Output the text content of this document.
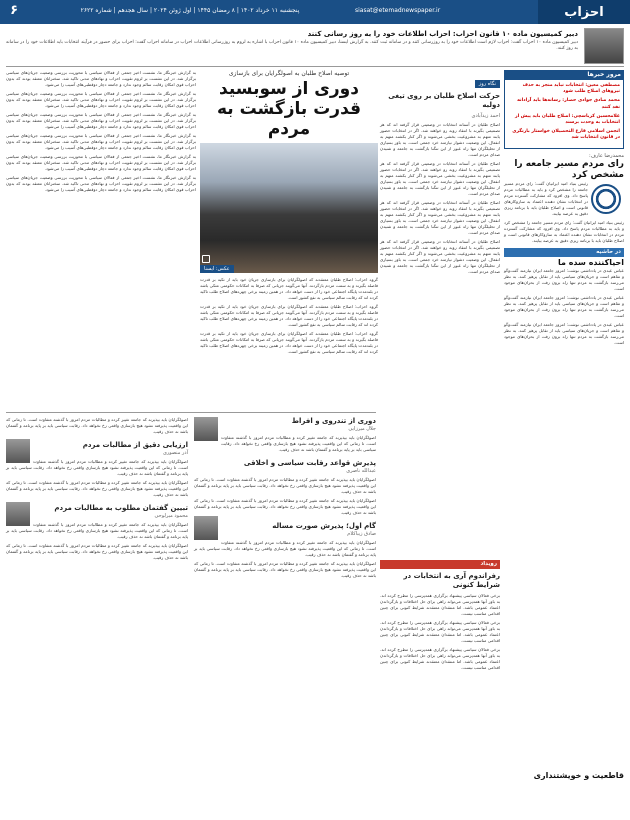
احزاب
۶	siasat@etemadnewspaper.ir
پنجشنبه ۱۱ خرداد ۱۴۰۲ | ۸ رمضان ۱۴۴۵ | اول ژوئن ۲۰۲۴ | سال هجدهم | شماره ۲۶۲۲
دبیر کمیسیون ماده ۱۰ قانون احزاب: احزاب اطلاعات خود را به روز رسانی کنند
دبیر کمیسیون ماده ۱۰ احزاب گفت: احزاب لازم است اطلاعات خود را به روزرسانی کنند و در سامانه ثبت کنند. به گزارش ایسنا، دبیر کمیسیون ماده ۱۰ قانون احزاب با اشاره به لزوم به روزرسانی اطلاعات احزاب در سامانه احزاب گفت: احزاب برای حضور در فرآیند انتخابات باید اطلاعات خود را در سامانه به روز کنند.
مرور خبرها
مصطفی معین: انتخابات نباید منجر به حذف نیروهای اصلاح طلب شود
محمد صادق جوادی حصار: رسانه‌ها باید آزادانه نقد کنند
غلامحسین کرباسچی: اصلاح طلبان باید پیش از انتخابات به وحدت برسند
انجمن اسلامی فارغ التحصیلان خواستار بازنگری در قانون انتخابات شد
محمدرضا عارف:
رای مردم مسیر جامعه را مشخص کرد
رئیس بنیاد امید ایرانیان گفت: رای مردم مسیر جامعه را مشخص کرد و باید به مطالبات مردم پاسخ داد. وی افزود که مشارکت گسترده مردم در انتخابات نشان دهنده اعتماد به سازوکارهای قانونی است و اصلاح طلبان باید با برنامه ریزی دقیق به عرصه بیایند.
رئیس بنیاد امید ایرانیان گفت: رای مردم مسیر جامعه را مشخص کرد و باید به مطالبات مردم پاسخ داد. وی افزود که مشارکت گسترده مردم در انتخابات نشان دهنده اعتماد به سازوکارهای قانونی است و اصلاح طلبان باید با برنامه ریزی دقیق به عرصه بیایند.
در حاشیه
احیاکننده سده ما
عباس عبدی در یادداشتی نوشت: امروز جامعه ایران نیازمند گفت‌وگو و تفاهم است و جریان‌های سیاسی باید از تقابل پرهیز کنند. به نظر می‌رسد بازگشت به مردم تنها راه برون رفت از بحران‌های موجود است.
عباس عبدی در یادداشتی نوشت: امروز جامعه ایران نیازمند گفت‌وگو و تفاهم است و جریان‌های سیاسی باید از تقابل پرهیز کنند. به نظر می‌رسد بازگشت به مردم تنها راه برون رفت از بحران‌های موجود است.
عباس عبدی در یادداشتی نوشت: امروز جامعه ایران نیازمند گفت‌وگو و تفاهم است و جریان‌های سیاسی باید از تقابل پرهیز کنند. به نظر می‌رسد بازگشت به مردم تنها راه برون رفت از بحران‌های موجود است.
نگاه روز
حرکت اصلاح طلبان بر روی تیغی دولبه
احمد زیدآبادی
اصلاح طلبان در آستانه انتخابات در وضعیتی قرار گرفته اند که هر تصمیمی بگیرند با انتقاد روبه رو خواهند شد. اگر در انتخابات حضور یابند متهم به مشروعیت بخشی می‌شوند و اگر کنار بکشند متهم به انفعال. این وضعیت دشوار نیازمند خرد جمعی است. به باور بسیاری از تحلیلگران تنها راه عبور از این تنگنا بازگشت به جامعه و شنیدن صدای مردم است.
اصلاح طلبان در آستانه انتخابات در وضعیتی قرار گرفته اند که هر تصمیمی بگیرند با انتقاد روبه رو خواهند شد. اگر در انتخابات حضور یابند متهم به مشروعیت بخشی می‌شوند و اگر کنار بکشند متهم به انفعال. این وضعیت دشوار نیازمند خرد جمعی است. به باور بسیاری از تحلیلگران تنها راه عبور از این تنگنا بازگشت به جامعه و شنیدن صدای مردم است.
اصلاح طلبان در آستانه انتخابات در وضعیتی قرار گرفته اند که هر تصمیمی بگیرند با انتقاد روبه رو خواهند شد. اگر در انتخابات حضور یابند متهم به مشروعیت بخشی می‌شوند و اگر کنار بکشند متهم به انفعال. این وضعیت دشوار نیازمند خرد جمعی است. به باور بسیاری از تحلیلگران تنها راه عبور از این تنگنا بازگشت به جامعه و شنیدن صدای مردم است.
اصلاح طلبان در آستانه انتخابات در وضعیتی قرار گرفته اند که هر تصمیمی بگیرند با انتقاد روبه رو خواهند شد. اگر در انتخابات حضور یابند متهم به مشروعیت بخشی می‌شوند و اگر کنار بکشند متهم به انفعال. این وضعیت دشوار نیازمند خرد جمعی است. به باور بسیاری از تحلیلگران تنها راه عبور از این تنگنا بازگشت به جامعه و شنیدن صدای مردم است.
توصیه اصلاح طلبان به اصولگرایان برای بازسازی
دوری از سوبسید قدرت بازگشت به مردم
عکس: ایسنا
گروه احزاب: اصلاح طلبان معتقدند که اصولگرایان برای بازسازی جریان خود باید از تکیه بر قدرت فاصله بگیرند و به سمت مردم بازگردند. آنها می‌گویند جریانی که صرفا به امکانات حکومتی متکی باشد در بلندمدت پایگاه اجتماعی خود را از دست خواهد داد. در همین زمینه برخی چهره‌های اصلاح طلب تاکید کرده اند که رقابت سالم سیاسی به نفع کشور است.
گروه احزاب: اصلاح طلبان معتقدند که اصولگرایان برای بازسازی جریان خود باید از تکیه بر قدرت فاصله بگیرند و به سمت مردم بازگردند. آنها می‌گویند جریانی که صرفا به امکانات حکومتی متکی باشد در بلندمدت پایگاه اجتماعی خود را از دست خواهد داد. در همین زمینه برخی چهره‌های اصلاح طلب تاکید کرده اند که رقابت سالم سیاسی به نفع کشور است.
گروه احزاب: اصلاح طلبان معتقدند که اصولگرایان برای بازسازی جریان خود باید از تکیه بر قدرت فاصله بگیرند و به سمت مردم بازگردند. آنها می‌گویند جریانی که صرفا به امکانات حکومتی متکی باشد در بلندمدت پایگاه اجتماعی خود را از دست خواهد داد. در همین زمینه برخی چهره‌های اصلاح طلب تاکید کرده اند که رقابت سالم سیاسی به نفع کشور است.
به گزارش خبرنگار ما، نشست اخیر جمعی از فعالان سیاسی با محوریت بررسی وضعیت جریان‌های سیاسی برگزار شد. در این نشست بر لزوم تقویت احزاب و نهادهای مدنی تاکید شد. سخنرانان معتقد بودند که بدون احزاب قوی امکان رقابت سالم وجود ندارد و جامعه دچار دوقطبی‌های آسیب زا می‌شود.
به گزارش خبرنگار ما، نشست اخیر جمعی از فعالان سیاسی با محوریت بررسی وضعیت جریان‌های سیاسی برگزار شد. در این نشست بر لزوم تقویت احزاب و نهادهای مدنی تاکید شد. سخنرانان معتقد بودند که بدون احزاب قوی امکان رقابت سالم وجود ندارد و جامعه دچار دوقطبی‌های آسیب زا می‌شود.
به گزارش خبرنگار ما، نشست اخیر جمعی از فعالان سیاسی با محوریت بررسی وضعیت جریان‌های سیاسی برگزار شد. در این نشست بر لزوم تقویت احزاب و نهادهای مدنی تاکید شد. سخنرانان معتقد بودند که بدون احزاب قوی امکان رقابت سالم وجود ندارد و جامعه دچار دوقطبی‌های آسیب زا می‌شود.
به گزارش خبرنگار ما، نشست اخیر جمعی از فعالان سیاسی با محوریت بررسی وضعیت جریان‌های سیاسی برگزار شد. در این نشست بر لزوم تقویت احزاب و نهادهای مدنی تاکید شد. سخنرانان معتقد بودند که بدون احزاب قوی امکان رقابت سالم وجود ندارد و جامعه دچار دوقطبی‌های آسیب زا می‌شود.
به گزارش خبرنگار ما، نشست اخیر جمعی از فعالان سیاسی با محوریت بررسی وضعیت جریان‌های سیاسی برگزار شد. در این نشست بر لزوم تقویت احزاب و نهادهای مدنی تاکید شد. سخنرانان معتقد بودند که بدون احزاب قوی امکان رقابت سالم وجود ندارد و جامعه دچار دوقطبی‌های آسیب زا می‌شود.
به گزارش خبرنگار ما، نشست اخیر جمعی از فعالان سیاسی با محوریت بررسی وضعیت جریان‌های سیاسی برگزار شد. در این نشست بر لزوم تقویت احزاب و نهادهای مدنی تاکید شد. سخنرانان معتقد بودند که بدون احزاب قوی امکان رقابت سالم وجود ندارد و جامعه دچار دوقطبی‌های آسیب زا می‌شود.
دوری از تندروی و افراط
جلال میرزایی
اصولگرایان باید بپذیرند که جامعه تغییر کرده و مطالبات مردم امروز با گذشته متفاوت است. تا زمانی که این واقعیت پذیرفته نشود هیچ بازسازی واقعی رخ نخواهد داد. رقابت سیاسی باید بر پایه برنامه و گفتمان باشد نه حذف رقیب.
پذیرش قواعد رقابت سیاسی و اخلاقی
عبدالله ناصری
اصولگرایان باید بپذیرند که جامعه تغییر کرده و مطالبات مردم امروز با گذشته متفاوت است. تا زمانی که این واقعیت پذیرفته نشود هیچ بازسازی واقعی رخ نخواهد داد. رقابت سیاسی باید بر پایه برنامه و گفتمان باشد نه حذف رقیب.
اصولگرایان باید بپذیرند که جامعه تغییر کرده و مطالبات مردم امروز با گذشته متفاوت است. تا زمانی که این واقعیت پذیرفته نشود هیچ بازسازی واقعی رخ نخواهد داد. رقابت سیاسی باید بر پایه برنامه و گفتمان باشد نه حذف رقیب.
گام اول؛ پذیرش صورت مساله
صادق زیباکلام
اصولگرایان باید بپذیرند که جامعه تغییر کرده و مطالبات مردم امروز با گذشته متفاوت است. تا زمانی که این واقعیت پذیرفته نشود هیچ بازسازی واقعی رخ نخواهد داد. رقابت سیاسی باید بر پایه برنامه و گفتمان باشد نه حذف رقیب.
اصولگرایان باید بپذیرند که جامعه تغییر کرده و مطالبات مردم امروز با گذشته متفاوت است. تا زمانی که این واقعیت پذیرفته نشود هیچ بازسازی واقعی رخ نخواهد داد. رقابت سیاسی باید بر پایه برنامه و گفتمان باشد نه حذف رقیب.
اصولگرایان باید بپذیرند که جامعه تغییر کرده و مطالبات مردم امروز با گذشته متفاوت است. تا زمانی که این واقعیت پذیرفته نشود هیچ بازسازی واقعی رخ نخواهد داد. رقابت سیاسی باید بر پایه برنامه و گفتمان باشد نه حذف رقیب.
ارزیابی دقیق از مطالبات مردم
آذر منصوری
اصولگرایان باید بپذیرند که جامعه تغییر کرده و مطالبات مردم امروز با گذشته متفاوت است. تا زمانی که این واقعیت پذیرفته نشود هیچ بازسازی واقعی رخ نخواهد داد. رقابت سیاسی باید بر پایه برنامه و گفتمان باشد نه حذف رقیب.
اصولگرایان باید بپذیرند که جامعه تغییر کرده و مطالبات مردم امروز با گذشته متفاوت است. تا زمانی که این واقعیت پذیرفته نشود هیچ بازسازی واقعی رخ نخواهد داد. رقابت سیاسی باید بر پایه برنامه و گفتمان باشد نه حذف رقیب.
تبیین گفتمان مطلوب به مطالبات مردم
محمود میرلوحی
اصولگرایان باید بپذیرند که جامعه تغییر کرده و مطالبات مردم امروز با گذشته متفاوت است. تا زمانی که این واقعیت پذیرفته نشود هیچ بازسازی واقعی رخ نخواهد داد. رقابت سیاسی باید بر پایه برنامه و گفتمان باشد نه حذف رقیب.
اصولگرایان باید بپذیرند که جامعه تغییر کرده و مطالبات مردم امروز با گذشته متفاوت است. تا زمانی که این واقعیت پذیرفته نشود هیچ بازسازی واقعی رخ نخواهد داد. رقابت سیاسی باید بر پایه برنامه و گفتمان باشد نه حذف رقیب.
رویداد
رفراندوم آری به انتخابات در شرایط کنونی
برخی فعالان سیاسی پیشنهاد برگزاری همه‌پرسی را مطرح کرده اند. به باور آنها همه‌پرسی می‌تواند راهی برای حل اختلافات و بازگرداندن اعتماد عمومی باشد. اما منتقدان معتقدند شرایط کنونی برای چنین اقدامی مناسب نیست.
برخی فعالان سیاسی پیشنهاد برگزاری همه‌پرسی را مطرح کرده اند. به باور آنها همه‌پرسی می‌تواند راهی برای حل اختلافات و بازگرداندن اعتماد عمومی باشد. اما منتقدان معتقدند شرایط کنونی برای چنین اقدامی مناسب نیست.
برخی فعالان سیاسی پیشنهاد برگزاری همه‌پرسی را مطرح کرده اند. به باور آنها همه‌پرسی می‌تواند راهی برای حل اختلافات و بازگرداندن اعتماد عمومی باشد. اما منتقدان معتقدند شرایط کنونی برای چنین اقدامی مناسب نیست.
قاطعیت و خویشتنداری
